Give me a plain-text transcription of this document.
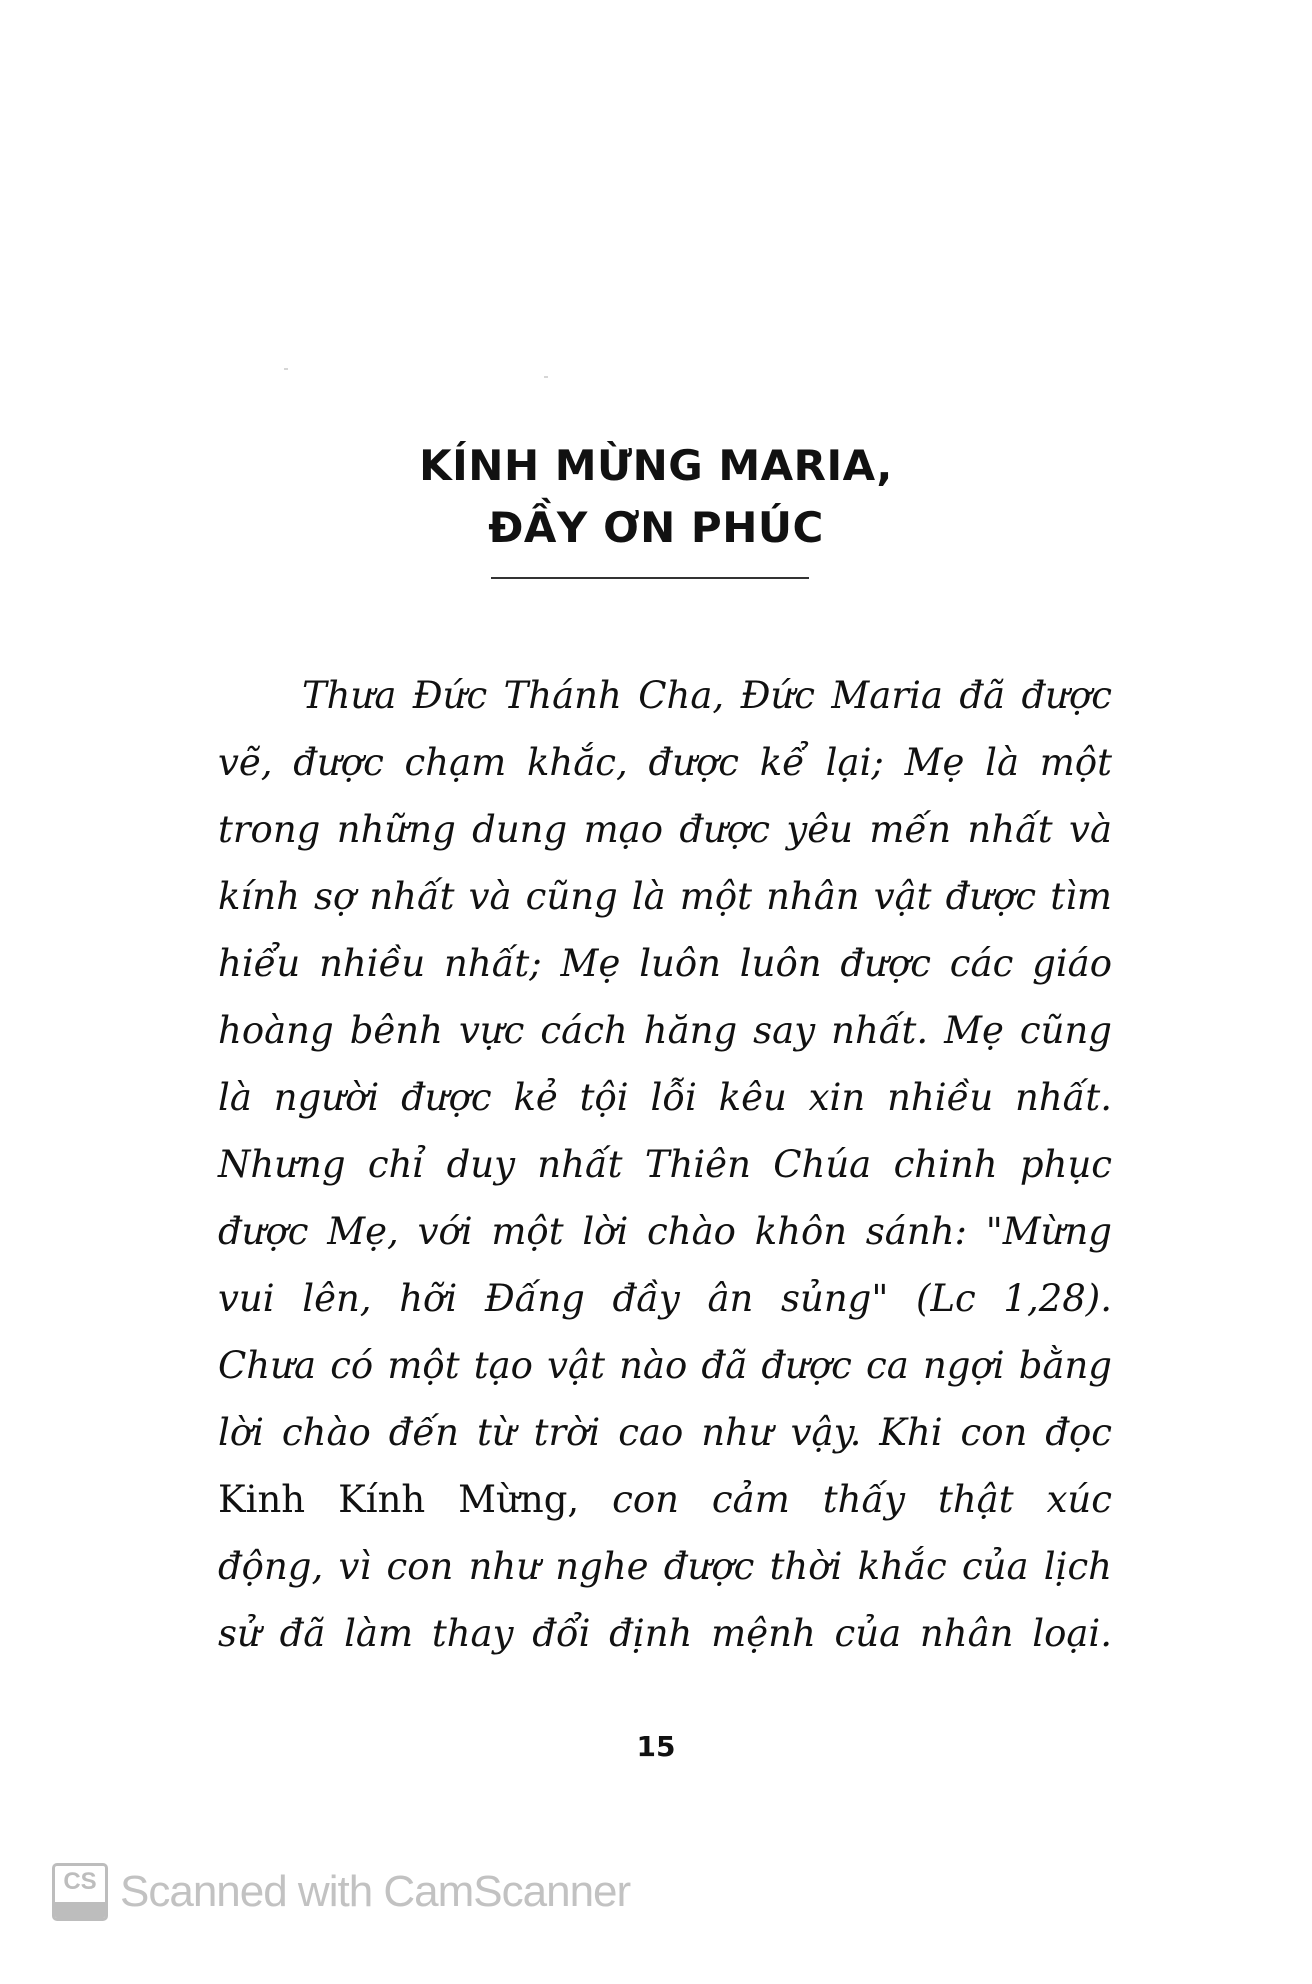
KÍNH MỪNG MARIA,
ĐẦY ƠN PHÚC
Thưa Đức Thánh Cha, Đức Maria đã được
vẽ, được chạm khắc, được kể lại; Mẹ là một
trong những dung mạo được yêu mến nhất và
kính sợ nhất và cũng là một nhân vật được tìm
hiểu nhiều nhất; Mẹ luôn luôn được các giáo
hoàng bênh vực cách hăng say nhất. Mẹ cũng
là người được kẻ tội lỗi kêu xin nhiều nhất.
Nhưng chỉ duy nhất Thiên Chúa chinh phục
được Mẹ, với một lời chào khôn sánh: "Mừng
vui lên, hỡi Đấng đầy ân sủng" (Lc 1,28).
Chưa có một tạo vật nào đã được ca ngợi bằng
lời chào đến từ trời cao như vậy. Khi con đọc
Kinh Kính Mừng, con cảm thấy thật xúc
động, vì con như nghe được thời khắc của lịch
sử đã làm thay đổi định mệnh của nhân loại.
15
CS Scanned with CamScanner
